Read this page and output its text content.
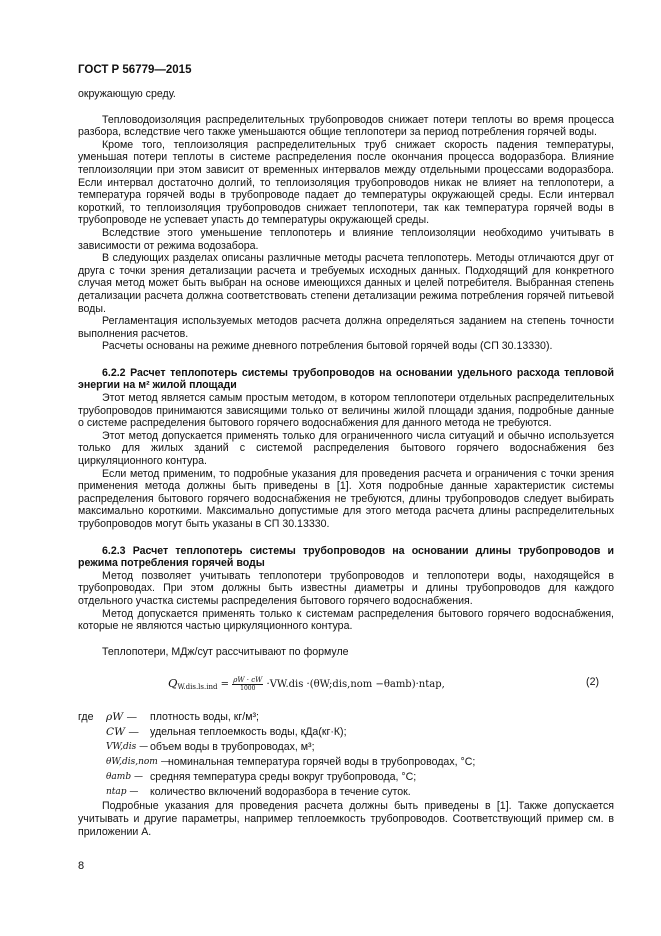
ГОСТ Р 56779—2015

окружающую среду.

Тепловодоизоляция распределительных трубопроводов снижает потери теплоты во время процесса разбора, вследствие чего также уменьшаются общие теплопотери за период потребления горячей воды.

Кроме того, теплоизоляция распределительных труб снижает скорость падения температуры, уменьшая потери теплоты в системе распределения после окончания процесса водоразбора. Влияние теплоизоляции при этом зависит от временных интервалов между отдельными процессами водоразбора. Если интервал достаточно долгий, то теплоизоляция трубопроводов никак не влияет на теплопотери, а температура горячей воды в трубопроводе падает до температуры окружающей среды. Если интервал короткий, то теплоизоляция трубопроводов снижает теплопотери, так как температура горячей воды в трубопроводе не успевает упасть до температуры окружающей среды.

Вследствие этого уменьшение теплопотерь и влияние теплоизоляции необходимо учитывать в зависимости от режима водозабора.

В следующих разделах описаны различные методы расчета теплопотерь. Методы отличаются друг от друга с точки зрения детализации расчета и требуемых исходных данных. Подходящий для конкретного случая метод может быть выбран на основе имеющихся данных и целей потребителя. Выбранная степень детализации расчета должна соответствовать степени детализации режима потребления горячей питьевой воды.

Регламентация используемых методов расчета должна определяться заданием на степень точности выполнения расчетов.

Расчеты основаны на режиме дневного потребления бытовой горячей воды (СП 30.13330).

6.2.2 Расчет теплопотерь системы трубопроводов на основании удельного расхода тепловой энергии на м² жилой площади

Этот метод является самым простым методом, в котором теплопотери отдельных распределительных трубопроводов принимаются зависящими только от величины жилой площади здания, подробные данные о системе распределения бытового горячего водоснабжения для данного метода не требуются.

Этот метод допускается применять только для ограниченного числа ситуаций и обычно используется только для жилых зданий с системой распределения бытового горячего водоснабжения без циркуляционного контура.

Если метод применим, то подробные указания для проведения расчета и ограничения с точки зрения применения метода должны быть приведены в [1]. Хотя подробные данные характеристик системы распределения бытового горячего водоснабжения не требуются, длины трубопроводов следует выбирать максимально короткими. Максимально допустимые для этого метода расчета длины распределительных трубопроводов могут быть указаны в СП 30.13330.

6.2.3 Расчет теплопотерь системы трубопроводов на основании длины трубопроводов и режима потребления горячей воды

Метод позволяет учитывать теплопотери трубопроводов и теплопотери воды, находящейся в трубопроводах. При этом должны быть известны диаметры и длины трубопроводов для каждого отдельного участка системы распределения бытового горячего водоснабжения.

Метод допускается применять только к системам распределения бытового горячего водоснабжения, которые не являются частью циркуляционного контура.

Теплопотери, МДж/сут рассчитывают по формуле

$Q_{W.dis.ls.ind} = \frac{\rho W \cdot cW}{1000} \cdot VW.dis$ ·(θW;dis,nom −θamb)·ntap,	(2)
где	ρW —	плотность воды, кг/м³;
CW —	удельная теплоемкость воды, кДа(кг·К);
VW,dis — объем воды в трубопроводах, м³;
θW,dis,nom —
номинальная температура горячей воды в трубопроводах, °C;
θamb — средняя температура среды вокруг трубопровода, °C;
ntap —	количество включений водоразбора в течение суток.

Подробные указания для проведения расчета должны быть приведены в [1]. Также допускается учитывать и другие параметры, например теплоемкость трубопроводов. Соответствующий пример см. в приложении А.

8
